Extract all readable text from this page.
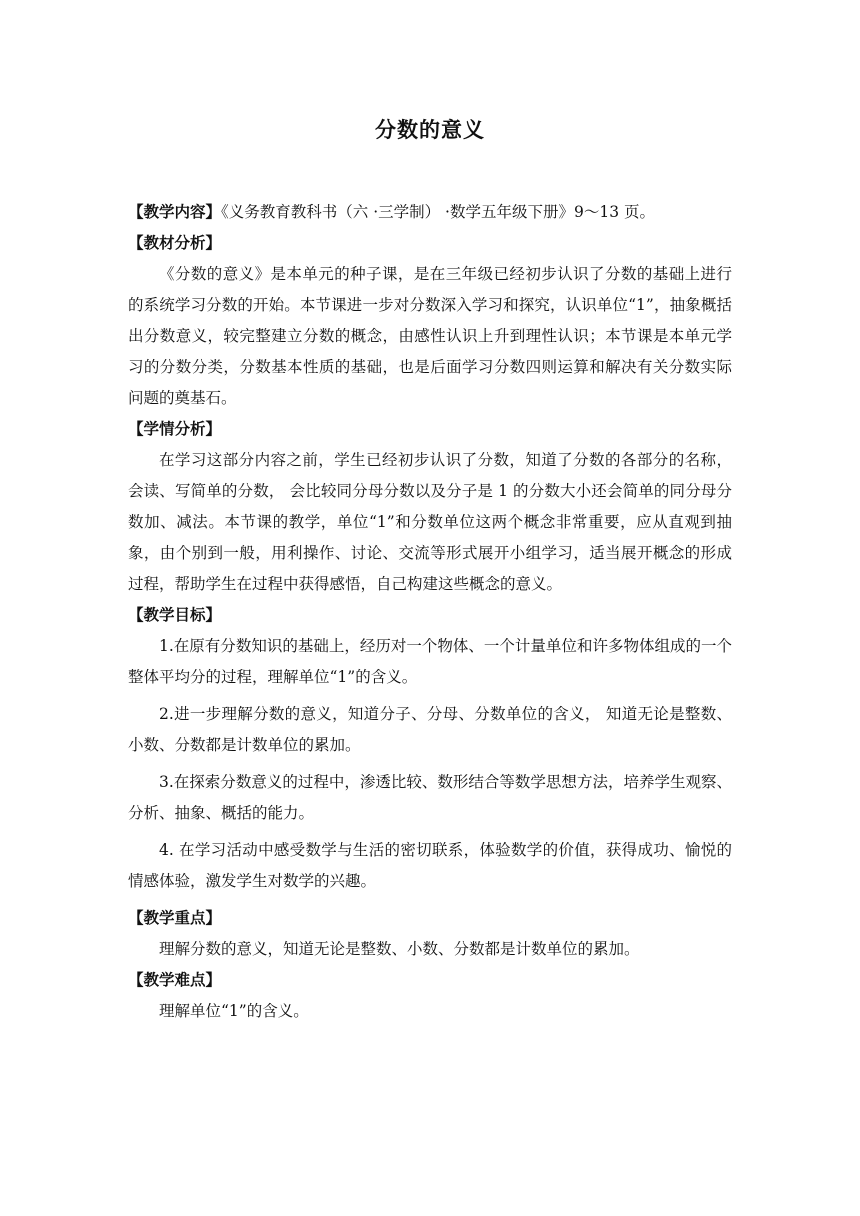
分数的意义

【教学内容】《义务教育教科书（六 ·三学制） ·数学五年级下册》9～13 页。

【教材分析】

《分数的意义》是本单元的种子课，是在三年级已经初步认识了分数的基础上进行的系统学习分数的开始。本节课进一步对分数深入学习和探究，认识单位“1”，抽象概括出分数意义，较完整建立分数的概念，由感性认识上升到理性认识；本节课是本单元学习的分数分类，分数基本性质的基础，也是后面学习分数四则运算和解决有关分数实际问题的奠基石。

【学情分析】

在学习这部分内容之前，学生已经初步认识了分数，知道了分数的各部分的名称，会读、写简单的分数， 会比较同分母分数以及分子是 1 的分数大小还会简单的同分母分数加、减法。本节课的教学，单位“1”和分数单位这两个概念非常重要，应从直观到抽象，由个别到一般，用利操作、讨论、交流等形式展开小组学习，适当展开概念的形成过程，帮助学生在过程中获得感悟，自己构建这些概念的意义。

【教学目标】

1.在原有分数知识的基础上，经历对一个物体、一个计量单位和许多物体组成的一个整体平均分的过程，理解单位“1”的含义。

2.进一步理解分数的意义，知道分子、分母、分数单位的含义， 知道无论是整数、小数、分数都是计数单位的累加。

3.在探索分数意义的过程中，渗透比较、数形结合等数学思想方法，培养学生观察、分析、抽象、概括的能力。

4. 在学习活动中感受数学与生活的密切联系，体验数学的价值，获得成功、愉悦的情感体验，激发学生对数学的兴趣。

【教学重点】

理解分数的意义，知道无论是整数、小数、分数都是计数单位的累加。

【教学难点】

理解单位“1”的含义。
